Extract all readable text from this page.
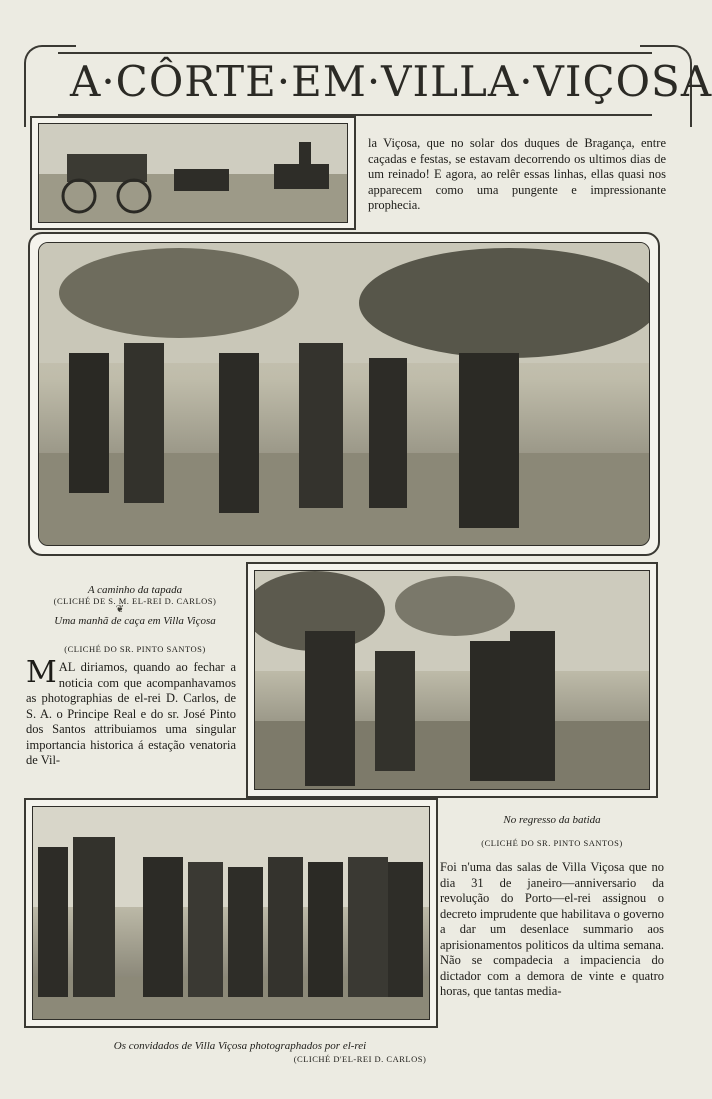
A·CÔRTE·EM·VILLA·VIÇOSA
la Viçosa, que no solar dos duques de Bragança, entre caçadas e festas, se estavam decorrendo os ultimos dias de um reinado! E agora, ao relêr essas linhas, ellas quasi nos apparecem como uma pungente e impressionante prophecia.
A caminho da tapada
(CLICHÉ DE S. M. EL-REI D. CARLOS)
❦
Uma manhã de caça em Villa Viçosa
(CLICHÉ DO SR. PINTO SANTOS)
MAL diriamos, quando ao fechar a noticia com que acompanhavamos as photographias de el-rei D. Carlos, de S. A. o Principe Real e do sr. José Pinto dos Santos attribuiamos uma singular importancia historica á estação venatoria de Vil-
No regresso da batida
(CLICHÉ DO SR. PINTO SANTOS)
Foi n'uma das salas de Villa Viçosa que no dia 31 de janeiro—anniversario da revolução do Porto—el-rei assignou o decreto imprudente que habilitava o governo a dar um desenlace summario aos aprisionamentos politicos da ultima semana. Não se compadecia a impaciencia do dictador com a demora de vinte e quatro horas, que tantas media-
Os convidados de Villa Viçosa photographados por el-rei
(CLICHÉ D'EL-REI D. CARLOS)
